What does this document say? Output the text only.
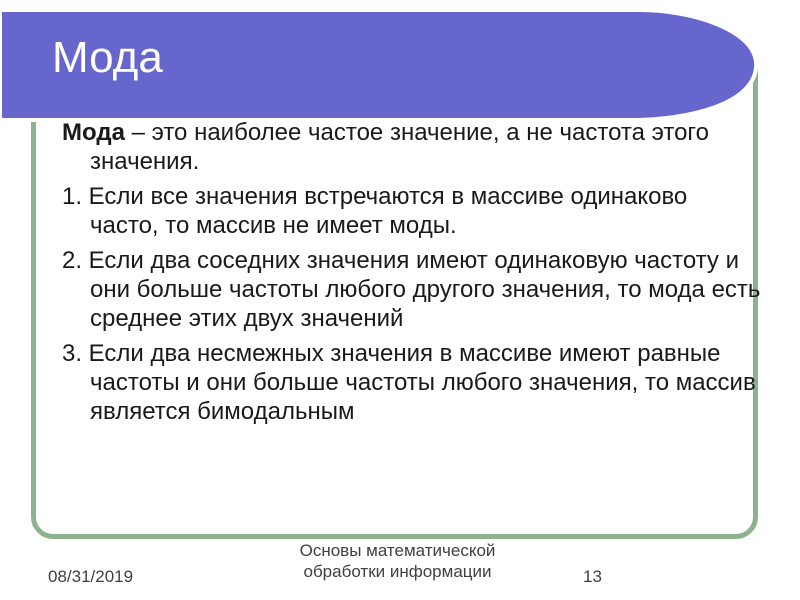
Мода

Мода – это наиболее частое значение, а не частота этого значения.

1. Если все значения встречаются в массиве одинаково часто, то массив не имеет моды.

2. Если два соседних значения имеют одинаковую частоту и они больше частоты любого другого значения, то мода есть среднее этих двух значений

3. Если два несмежных значения в массиве имеют равные частоты и они больше частоты любого значения, то массив является бимодальным

08/31/2019
Основы математической
обработки информации	13
